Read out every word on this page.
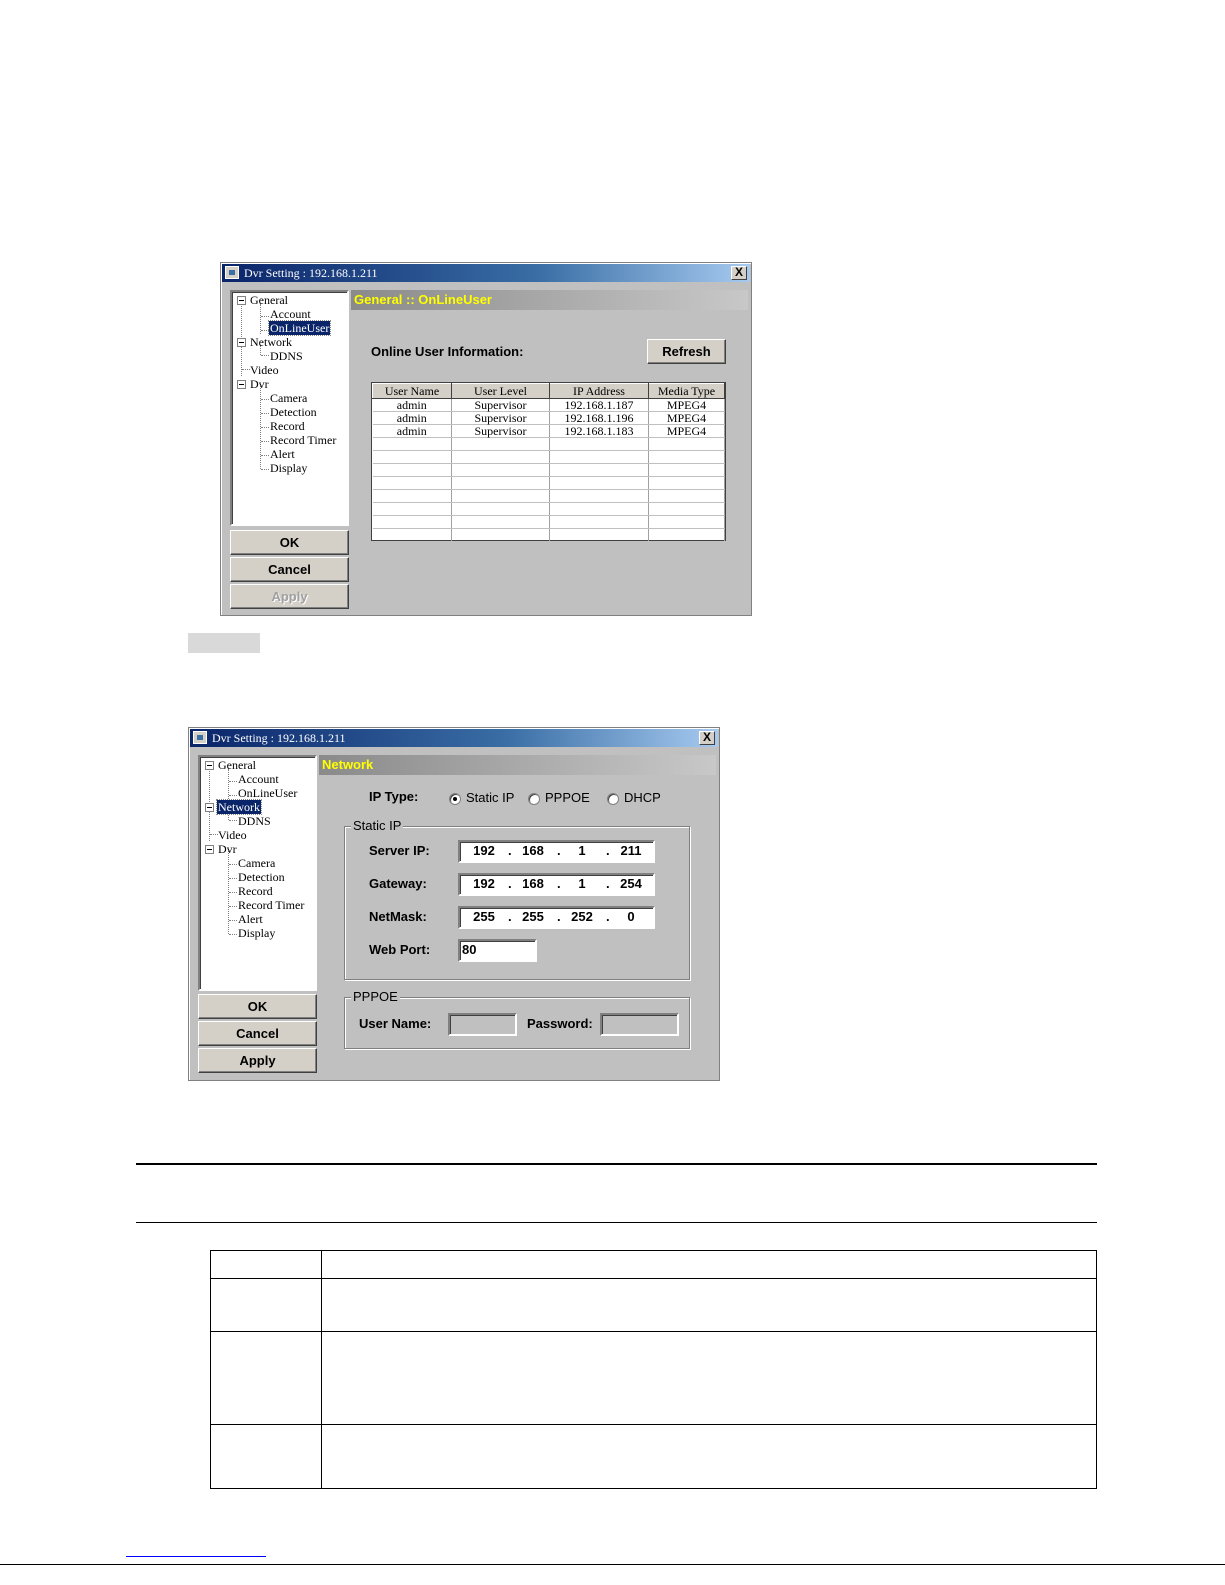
Dvr Setting : 192.168.1.211	X
General
Account
OnLineUser
Network
DDNS
Video
Dvr
Camera
Detection
Record
Record Timer
Alert
Display
OK
Cancel
Apply
General :: OnLineUser
Online User Information:	Refresh
User Name	User Level	IP Address	Media Type
admin	Supervisor	192.168.1.187	MPEG4
admin	Supervisor	192.168.1.196	MPEG4
admin	Supervisor	192.168.1.183	MPEG4

Dvr Setting : 192.168.1.211	X
General
Account
OnLineUser
Network
DDNS
Video
Dvr
Camera
Detection
Record
Record Timer
Alert
Display
OK
Cancel
Apply
Network
IP Type:	Static IP PPPOE	DHCP
Static IP
Server IP:	192	. 168	.	1	. 211
Gateway:	192	. 168	.	1	. 254
NetMask:	255	. 255	. 252	.	0
Web Port: 80
PPPOE
User Name:	Password:
